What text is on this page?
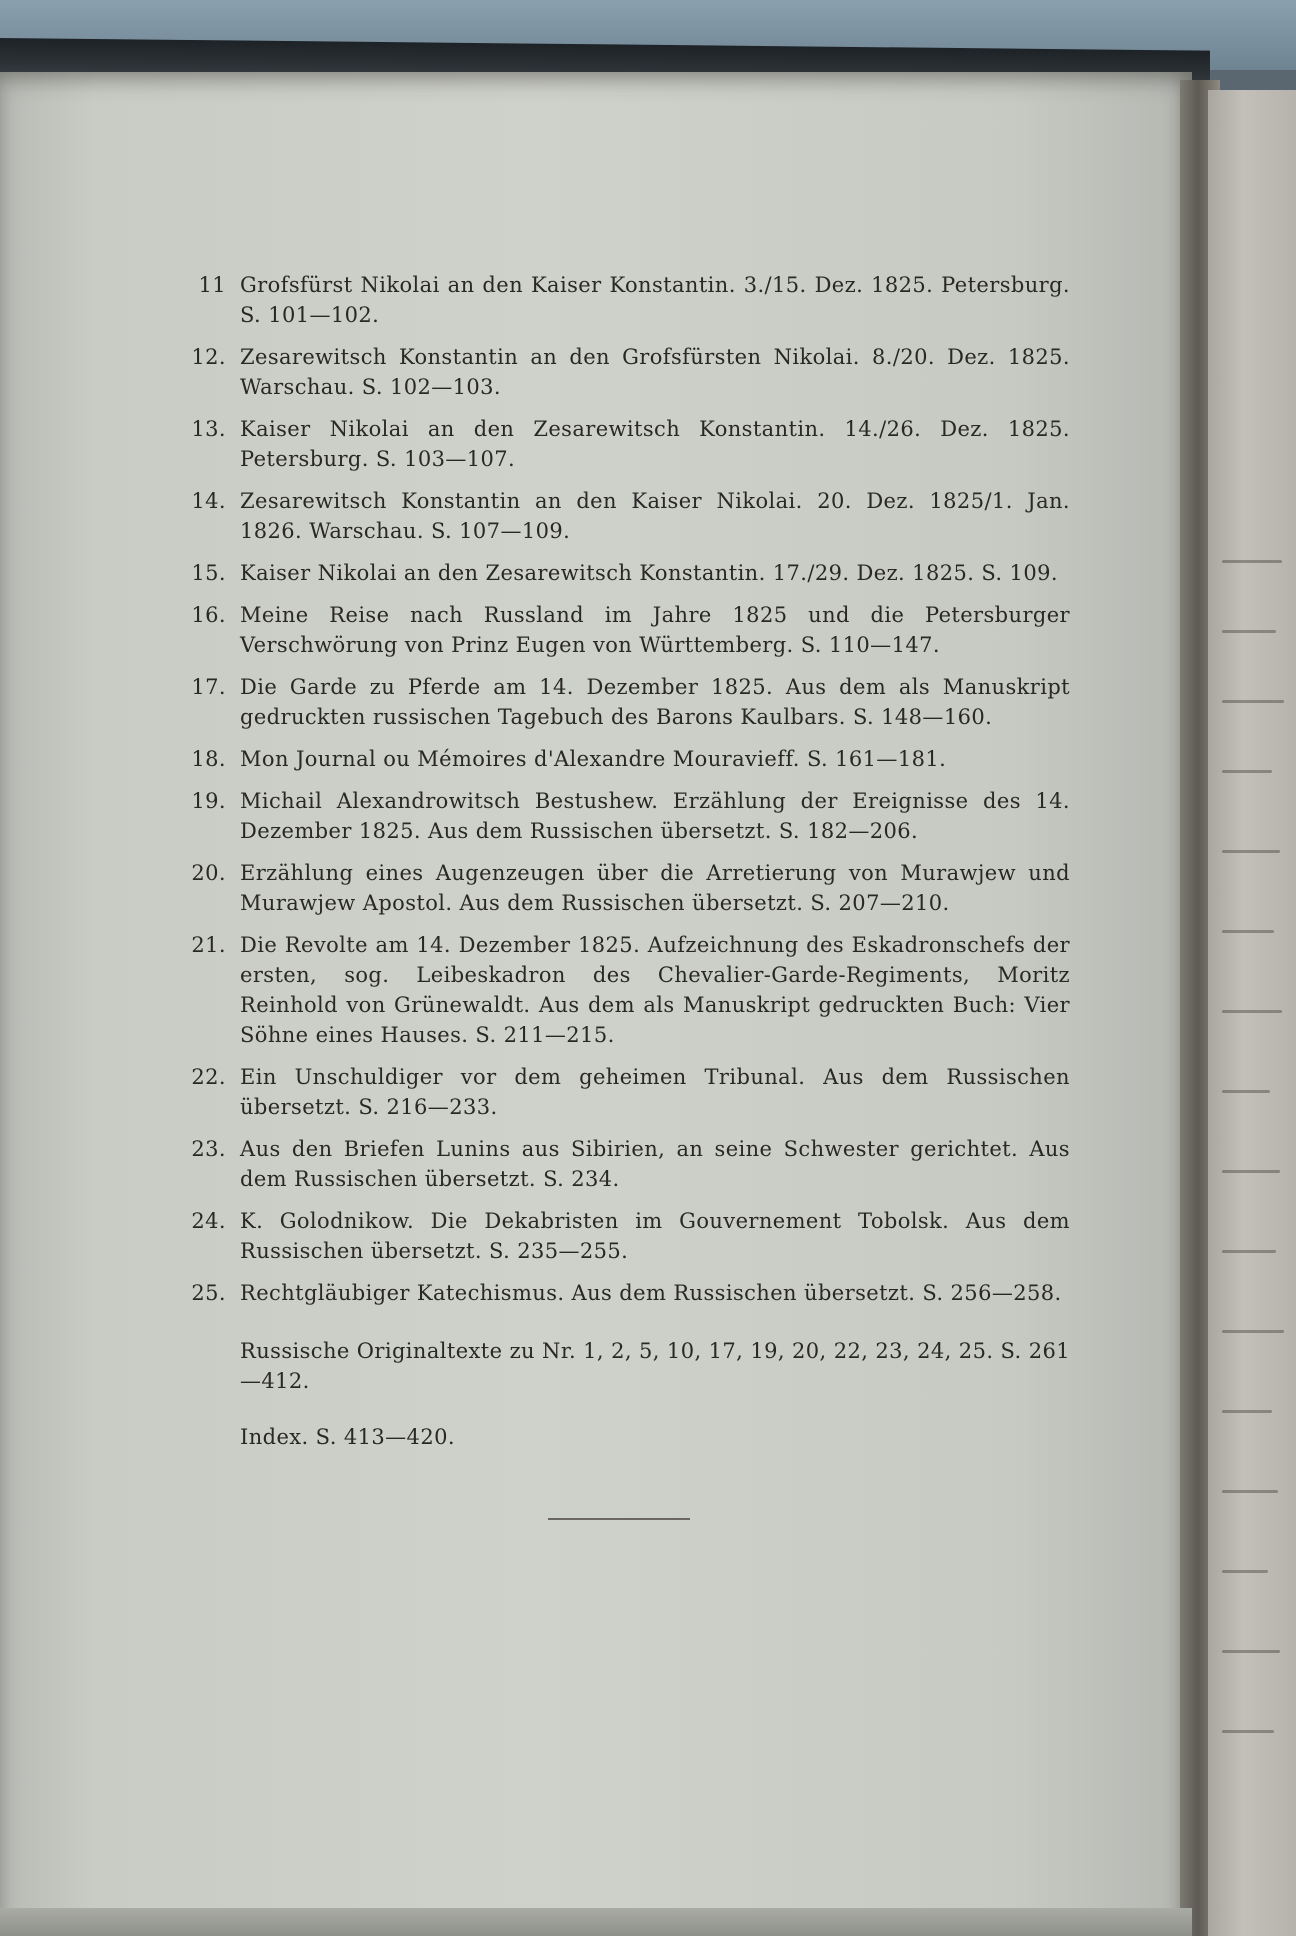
11 Grofsfürst Nikolai an den Kaiser Konstantin. 3./15. Dez. 1825. Petersburg. S. 101—102.
12. Zesarewitsch Konstantin an den Grofsfürsten Nikolai. 8./20. Dez. 1825. Warschau. S. 102—103.
13. Kaiser Nikolai an den Zesarewitsch Konstantin. 14./26. Dez. 1825. Petersburg. S. 103—107.
14. Zesarewitsch Konstantin an den Kaiser Nikolai. 20. Dez. 1825/1. Jan. 1826. Warschau. S. 107—109.
15. Kaiser Nikolai an den Zesarewitsch Konstantin. 17./29. Dez. 1825. S. 109.
16. Meine Reise nach Russland im Jahre 1825 und die Petersburger Verschwörung von Prinz Eugen von Württemberg. S. 110—147.
17. Die Garde zu Pferde am 14. Dezember 1825. Aus dem als Manuskript gedruckten russischen Tagebuch des Barons Kaulbars. S. 148—160.
18. Mon Journal ou Mémoires d'Alexandre Mouravieff. S. 161—181.
19. Michail Alexandrowitsch Bestushew. Erzählung der Ereignisse des 14. Dezember 1825. Aus dem Russischen übersetzt. S. 182—206.
20. Erzählung eines Augenzeugen über die Arretierung von Murawjew und Murawjew Apostol. Aus dem Russischen übersetzt. S. 207—210.
21. Die Revolte am 14. Dezember 1825. Aufzeichnung des Eskadronschefs der ersten, sog. Leibeskadron des Chevalier-Garde-Regiments, Moritz Reinhold von Grünewaldt. Aus dem als Manuskript gedruckten Buch: Vier Söhne eines Hauses. S. 211—215.
22. Ein Unschuldiger vor dem geheimen Tribunal. Aus dem Russischen übersetzt. S. 216—233.
23. Aus den Briefen Lunins aus Sibirien, an seine Schwester gerichtet. Aus dem Russischen übersetzt. S. 234.
24. K. Golodnikow. Die Dekabristen im Gouvernement Tobolsk. Aus dem Russischen übersetzt. S. 235—255.
25. Rechtgläubiger Katechismus. Aus dem Russischen übersetzt. S. 256—258.
Russische Originaltexte zu Nr. 1, 2, 5, 10, 17, 19, 20, 22, 23, 24, 25. S. 261—412.
Index. S. 413—420.
